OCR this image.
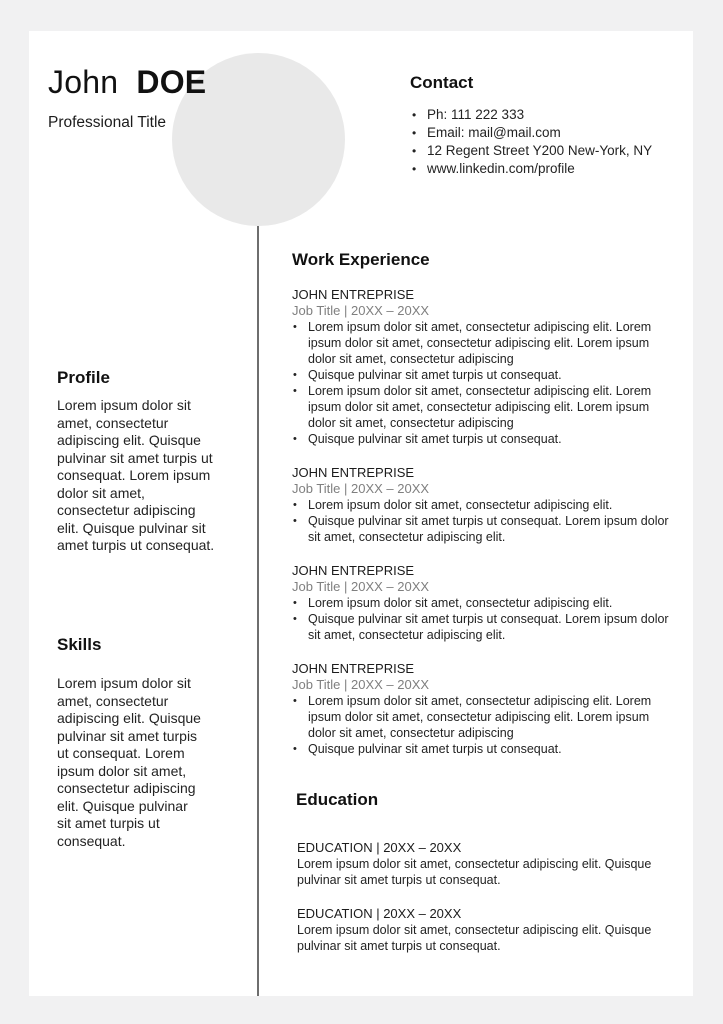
John DOE
Professional Title
Contact
• Ph: 111 222 333
• Email: mail@mail.com
• 12 Regent Street Y200 New-York, NY
• www.linkedin.com/profile
Profile
Lorem ipsum dolor sit amet, consectetur adipiscing elit. Quisque pulvinar sit amet turpis ut consequat. Lorem ipsum dolor sit amet, consectetur adipiscing elit. Quisque pulvinar sit amet turpis ut consequat.
Skills
Lorem ipsum dolor sit amet, consectetur adipiscing elit. Quisque pulvinar sit amet turpis ut consequat. Lorem ipsum dolor sit amet, consectetur adipiscing elit. Quisque pulvinar sit amet turpis ut consequat.
Work Experience
JOHN ENTREPRISE
Job Title | 20XX – 20XX
• Lorem ipsum dolor sit amet, consectetur adipiscing elit. Lorem ipsum dolor sit amet, consectetur adipiscing elit. Lorem ipsum dolor sit amet, consectetur adipiscing
• Quisque pulvinar sit amet turpis ut consequat.
• Lorem ipsum dolor sit amet, consectetur adipiscing elit. Lorem ipsum dolor sit amet, consectetur adipiscing elit. Lorem ipsum dolor sit amet, consectetur adipiscing
• Quisque pulvinar sit amet turpis ut consequat.
JOHN ENTREPRISE
Job Title | 20XX – 20XX
• Lorem ipsum dolor sit amet, consectetur adipiscing elit.
• Quisque pulvinar sit amet turpis ut consequat. Lorem ipsum dolor sit amet, consectetur adipiscing elit.
JOHN ENTREPRISE
Job Title | 20XX – 20XX
• Lorem ipsum dolor sit amet, consectetur adipiscing elit.
• Quisque pulvinar sit amet turpis ut consequat. Lorem ipsum dolor sit amet, consectetur adipiscing elit.
JOHN ENTREPRISE
Job Title | 20XX – 20XX
• Lorem ipsum dolor sit amet, consectetur adipiscing elit. Lorem ipsum dolor sit amet, consectetur adipiscing elit. Lorem ipsum dolor sit amet, consectetur adipiscing
• Quisque pulvinar sit amet turpis ut consequat.
Education
EDUCATION | 20XX – 20XX
Lorem ipsum dolor sit amet, consectetur adipiscing elit. Quisque pulvinar sit amet turpis ut consequat.
EDUCATION | 20XX – 20XX
Lorem ipsum dolor sit amet, consectetur adipiscing elit. Quisque pulvinar sit amet turpis ut consequat.
